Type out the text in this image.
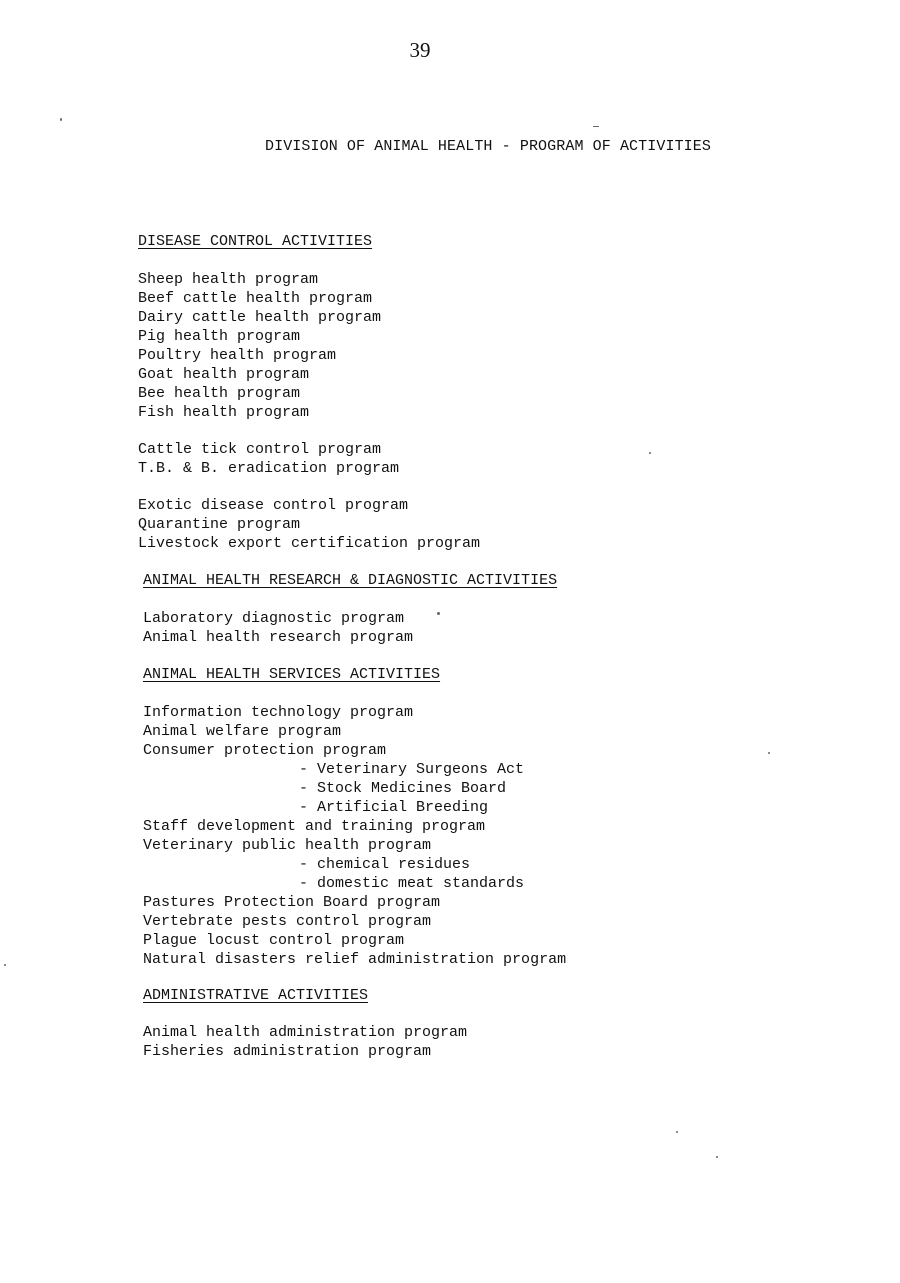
39
DIVISION OF ANIMAL HEALTH - PROGRAM OF ACTIVITIES
DISEASE CONTROL ACTIVITIES
Sheep health program
Beef cattle health program
Dairy cattle health program
Pig health program
Poultry health program
Goat health program
Bee health program
Fish health program
Cattle tick control program
T.B. & B. eradication program
Exotic disease control program
Quarantine program
Livestock export certification program
ANIMAL HEALTH RESEARCH & DIAGNOSTIC ACTIVITIES
Laboratory diagnostic program
Animal health research program
ANIMAL HEALTH SERVICES ACTIVITIES
Information technology program
Animal welfare program
Consumer protection program
- Veterinary Surgeons Act
- Stock Medicines Board
- Artificial Breeding
Staff development and training program
Veterinary public health program
- chemical residues
- domestic meat standards
Pastures Protection Board program
Vertebrate pests control program
Plague locust control program
Natural disasters relief administration program
ADMINISTRATIVE ACTIVITIES
Animal health administration program
Fisheries administration program
